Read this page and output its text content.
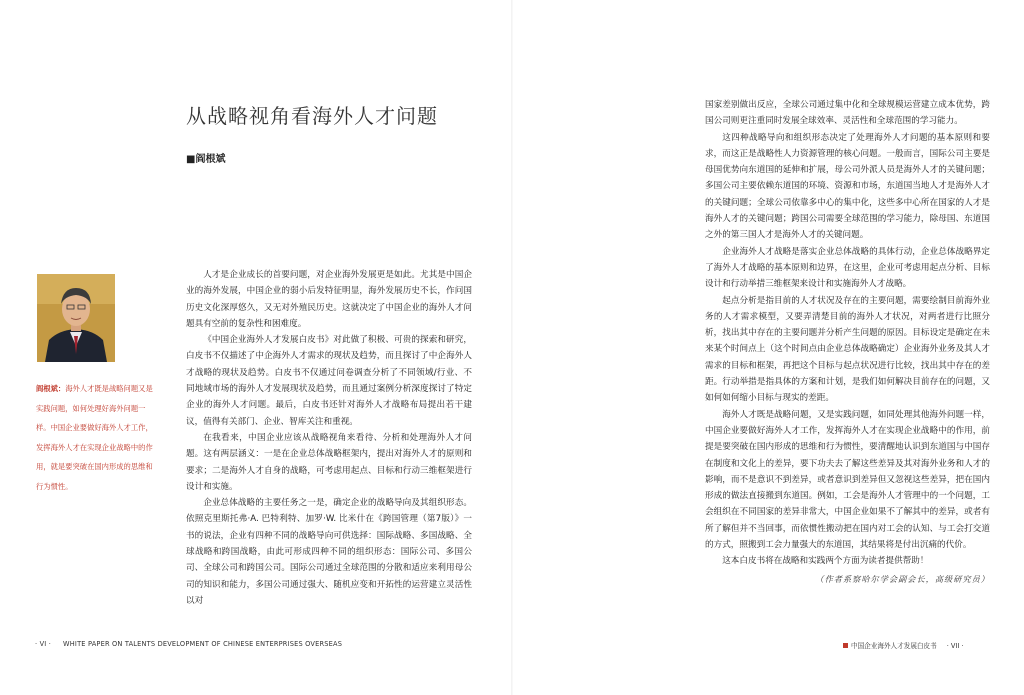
从战略视角看海外人才问题
■阎根斌
阎根斌：海外人才既是战略问题又是实践问题，如何处理好海外问题一样。中国企业要做好海外人才工作，发挥海外人才在实现企业战略中的作用，就是要突破在国内形成的思维和行为惯性。

人才是企业成长的首要问题，对企业海外发展更是如此。尤其是中国企业的海外发展，中国企业的弱小后发特征明显，海外发展历史不长，作问国历史文化深厚悠久，又无对外殖民历史。这就决定了中国企业的海外人才问题具有空前的复杂性和困难度。

《中国企业海外人才发展白皮书》对此做了积极、可贵的探索和研究，白皮书不仅描述了中企海外人才需求的现状及趋势，而且探讨了中企海外人才战略的现状及趋势。白皮书不仅通过问卷调查分析了不同领域/行业、不同地域市场的海外人才发展现状及趋势，而且通过案例分析深度探讨了特定企业的海外人才问题。最后，白皮书还针对海外人才战略布局提出若干建议，值得有关部门、企业、智库关注和重视。

在我看来，中国企业应该从战略视角来看待、分析和处理海外人才问题。这有两层涵义：一是在企业总体战略框架内，提出对海外人才的原则和要求；二是海外人才自身的战略，可考虑用起点、目标和行动三维框架进行设计和实施。

企业总体战略的主要任务之一是，确定企业的战略导向及其组织形态。依照克里斯托弗·A. 巴特利特、加罗·W. 比米什在《跨国管理（第7版）》一书的说法，企业有四种不同的战略导向可供选择：国际战略、多国战略、全球战略和跨国战略，由此可形成四种不同的组织形态：国际公司、多国公司、全球公司和跨国公司。国际公司通过全球范围的分散和适应来利用母公司的知识和能力，多国公司通过强大、随机应变和开拓性的运营建立灵活性以对

· VI · WHITE PAPER ON TALENTS DEVELOPMENT OF CHINESE ENTERPRISES OVERSEAS

国家差别做出反应，全球公司通过集中化和全球规模运营建立成本优势，跨国公司则更注重同时发展全球效率、灵活性和全球范围的学习能力。

这四种战略导向和组织形态决定了处理海外人才问题的基本原则和要求，而这正是战略性人力资源管理的核心问题。一般而言，国际公司主要是母国优势向东道国的延伸和扩展，母公司外派人员是海外人才的关键问题；多国公司主要依赖东道国的环境、资源和市场，东道国当地人才是海外人才的关键问题；全球公司依靠多中心的集中化，这些多中心所在国家的人才是海外人才的关键问题；跨国公司需要全球范围的学习能力，除母国、东道国之外的第三国人才是海外人才的关键问题。

企业海外人才战略是落实企业总体战略的具体行动，企业总体战略界定了海外人才战略的基本原则和边界，在这里，企业可考虑用起点分析、目标设计和行动举措三维框架来设计和实施海外人才战略。

起点分析是指目前的人才状况及存在的主要问题，需要绘制目前海外业务的人才需求模型，又要弄清楚目前的海外人才状况，对两者进行比照分析，找出其中存在的主要问题并分析产生问题的原因。目标设定是确定在未来某个时间点上（这个时间点由企业总体战略确定）企业海外业务及其人才需求的目标和框架，再把这个目标与起点状况进行比较，找出其中存在的差距。行动举措是指具体的方案和计划，是我们如何解决目前存在的问题，又如何如何缩小目标与现实的差距。

海外人才既是战略问题，又是实践问题，如同处理其他海外问题一样，中国企业要做好海外人才工作，发挥海外人才在实现企业战略中的作用，前提是要突破在国内形成的思维和行为惯性，要清醒地认识到东道国与中国存在制度和文化上的差异，要下功夫去了解这些差异及其对海外业务和人才的影响，而不是意识不到差异，或者意识到差异但又忽视这些差异，把在国内形成的做法直接搬到东道国。例如，工会是海外人才管理中的一个问题，工会组织在不同国家的差异非常大，中国企业如果不了解其中的差异，或者有所了解但并不当回事，而依惯性搬动把在国内对工会的认知、与工会打交道的方式，照搬到工会力量强大的东道国，其结果将是付出沉痛的代价。

这本白皮书将在战略和实践两个方面为读者提供帮助！

（作者系察哈尔学会副会长，高级研究员）
中国企业海外人才发展白皮书 · VII ·
